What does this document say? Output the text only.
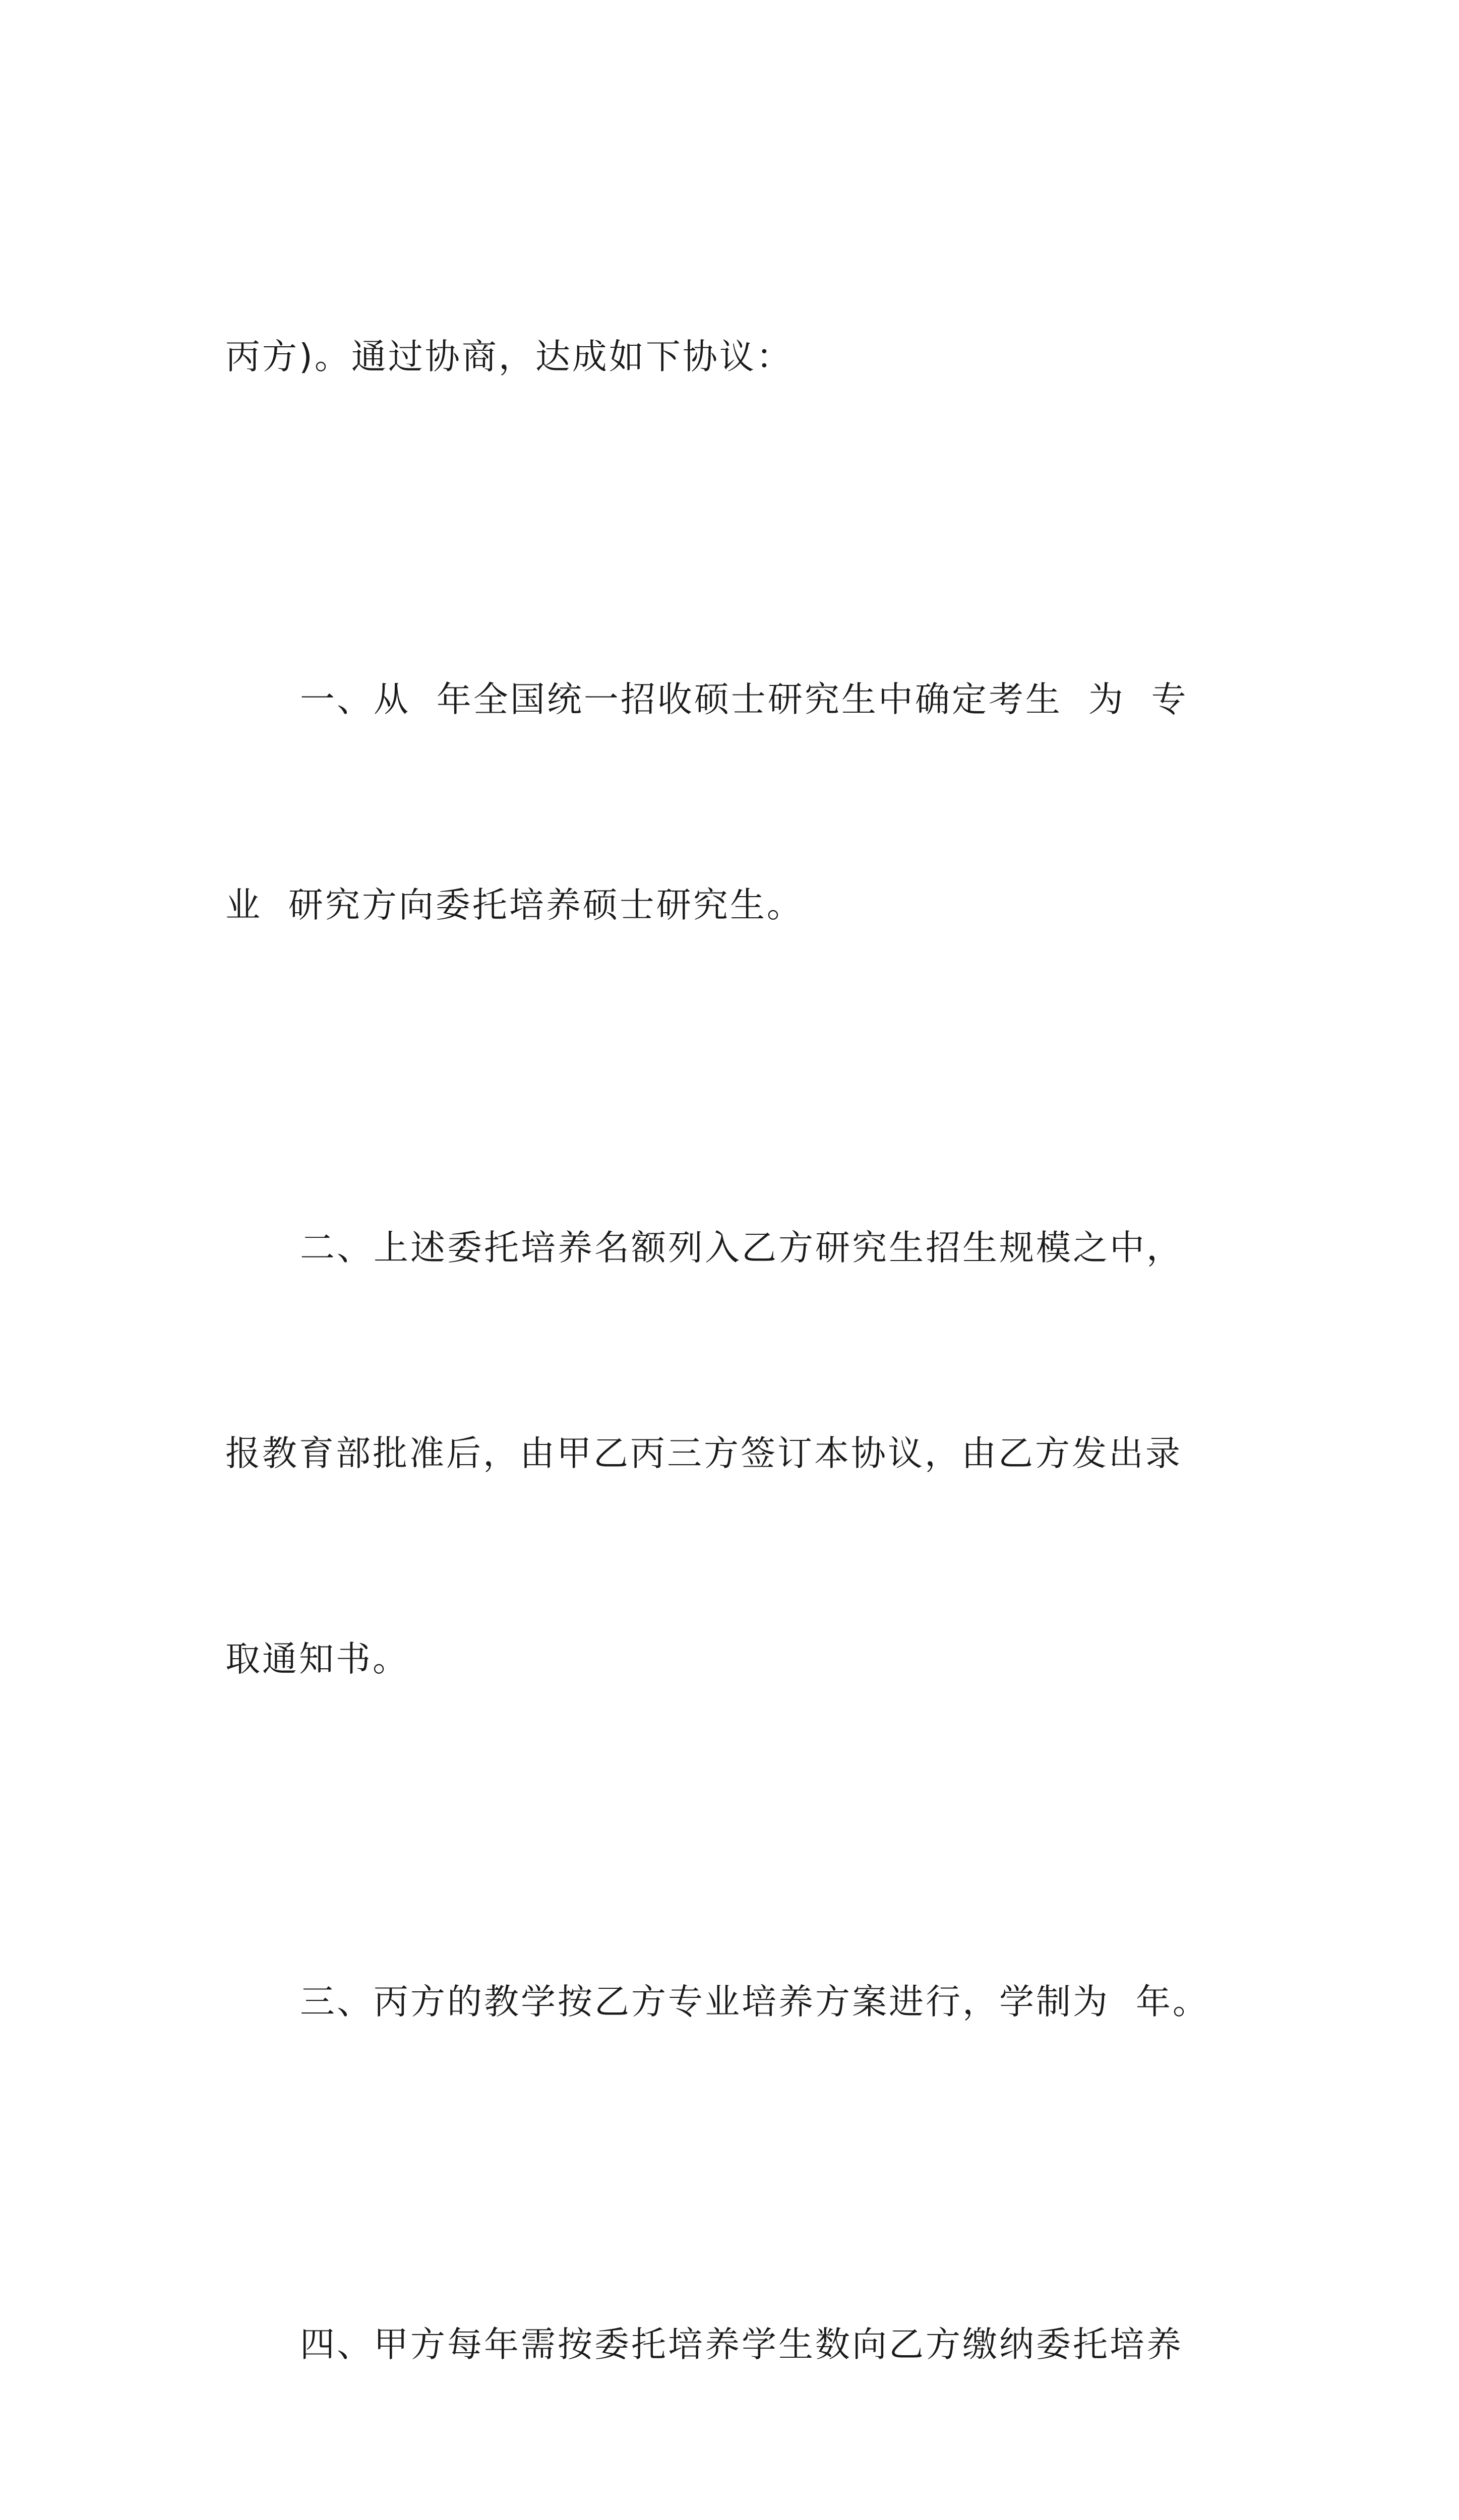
丙方)。通过协商，达成如下协议：

一、从  年全国统一招收硕士研究生中确定考生  为  专

业  研究方向委托培养硕士研究生。

二、上述委托培养名额列入乙方研究生招生规模之中，

报教育部批准后，由甲乙丙三方签订本协议，由乙方发出录

取通知书。

三、丙方的教学按乙方专业培养方案进行，学制为  年。

四、甲方每年需按委托培养学生数向乙方缴纳委托培养
